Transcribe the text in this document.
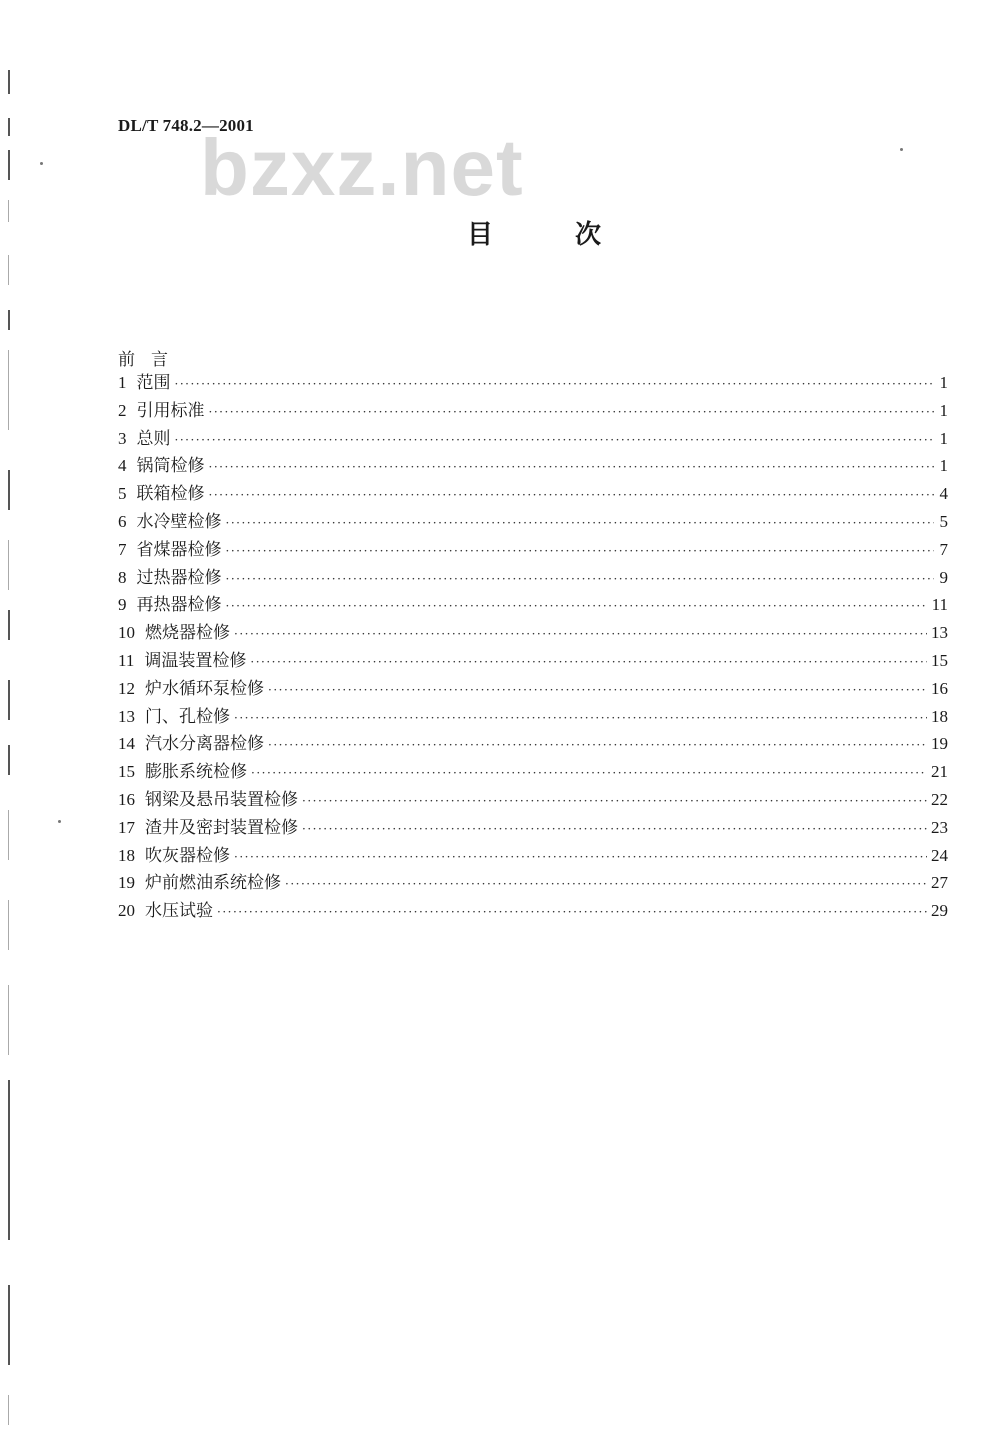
DL/T 748.2—2001
bzxz.net
目	次
前言
1 范围 ·····	1
2 引用标准 ·····	1
3 总则 ·····	1
4 锅筒检修 ·····	1
5 联箱检修 ·····	4
6 水冷壁检修 ·····	5
7 省煤器检修 ·····	7
8 过热器检修 ·····	9
9 再热器检修 ·····	11
10 燃烧器检修 ·····	13
11 调温装置检修 ·····	15
12 炉水循环泵检修 ·····	16
13 门、孔检修 ·····	18
14 汽水分离器检修 ·····	19
15 膨胀系统检修 ·····	21
16 钢梁及悬吊装置检修 ·····	22
17 渣井及密封装置检修 ·····	23
18 吹灰器检修 ·····	24
19 炉前燃油系统检修 ·····	27
20 水压试验 ·····	29
